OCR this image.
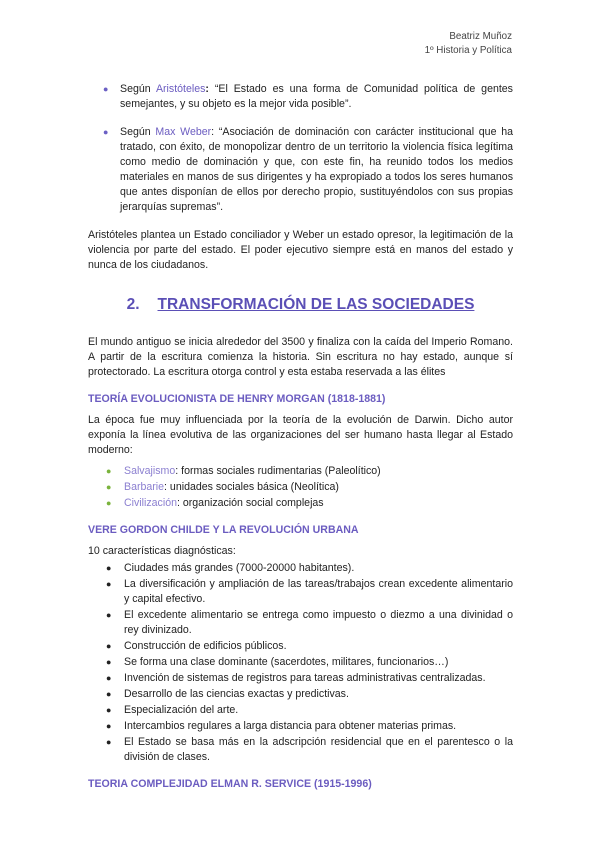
Beatriz Muñoz
1º Historia y Política
● Según Aristóteles: “El Estado es una forma de Comunidad política de gentes semejantes, y su objeto es la mejor vida posible”.
● Según Max Weber: “Asociación de dominación con carácter institucional que ha tratado, con éxito, de monopolizar dentro de un territorio la violencia física legítima como medio de dominación y que, con este fin, ha reunido todos los medios materiales en manos de sus dirigentes y ha expropiado a todos los seres humanos que antes disponían de ellos por derecho propio, sustituyéndolos con sus propias jerarquías supremas”.

Aristóteles plantea un Estado conciliador y Weber un estado opresor, la legitimación de la violencia por parte del estado. El poder ejecutivo siempre está en manos del estado y nunca de los ciudadanos.

2. TRANSFORMACIÓN DE LAS SOCIEDADES

El mundo antiguo se inicia alrededor del 3500 y finaliza con la caída del Imperio Romano. A partir de la escritura comienza la historia. Sin escritura no hay estado, aunque sí protectorado. La escritura otorga control y esta estaba reservada a las élites

TEORÍA EVOLUCIONISTA DE HENRY MORGAN (1818-1881)

La época fue muy influenciada por la teoría de la evolución de Darwin. Dicho autor exponía la línea evolutiva de las organizaciones del ser humano hasta llegar al Estado moderno:

● Salvajismo: formas sociales rudimentarias (Paleolítico)
● Barbarie: unidades sociales básica (Neolítica)
● Civilización: organización social complejas
VERE GORDON CHILDE Y LA REVOLUCIÓN URBANA

10 características diagnósticas:

● Ciudades más grandes (7000-20000 habitantes).
● La diversificación y ampliación de las tareas/trabajos crean excedente alimentario y capital efectivo.
● El excedente alimentario se entrega como impuesto o diezmo a una divinidad o rey divinizado.
● Construcción de edificios públicos.
● Se forma una clase dominante (sacerdotes, militares, funcionarios…)
● Invención de sistemas de registros para tareas administrativas centralizadas.
● Desarrollo de las ciencias exactas y predictivas.
● Especialización del arte.
● Intercambios regulares a larga distancia para obtener materias primas.
● El Estado se basa más en la adscripción residencial que en el parentesco o la división de clases.
TEORIA COMPLEJIDAD ELMAN R. SERVICE (1915-1996)
